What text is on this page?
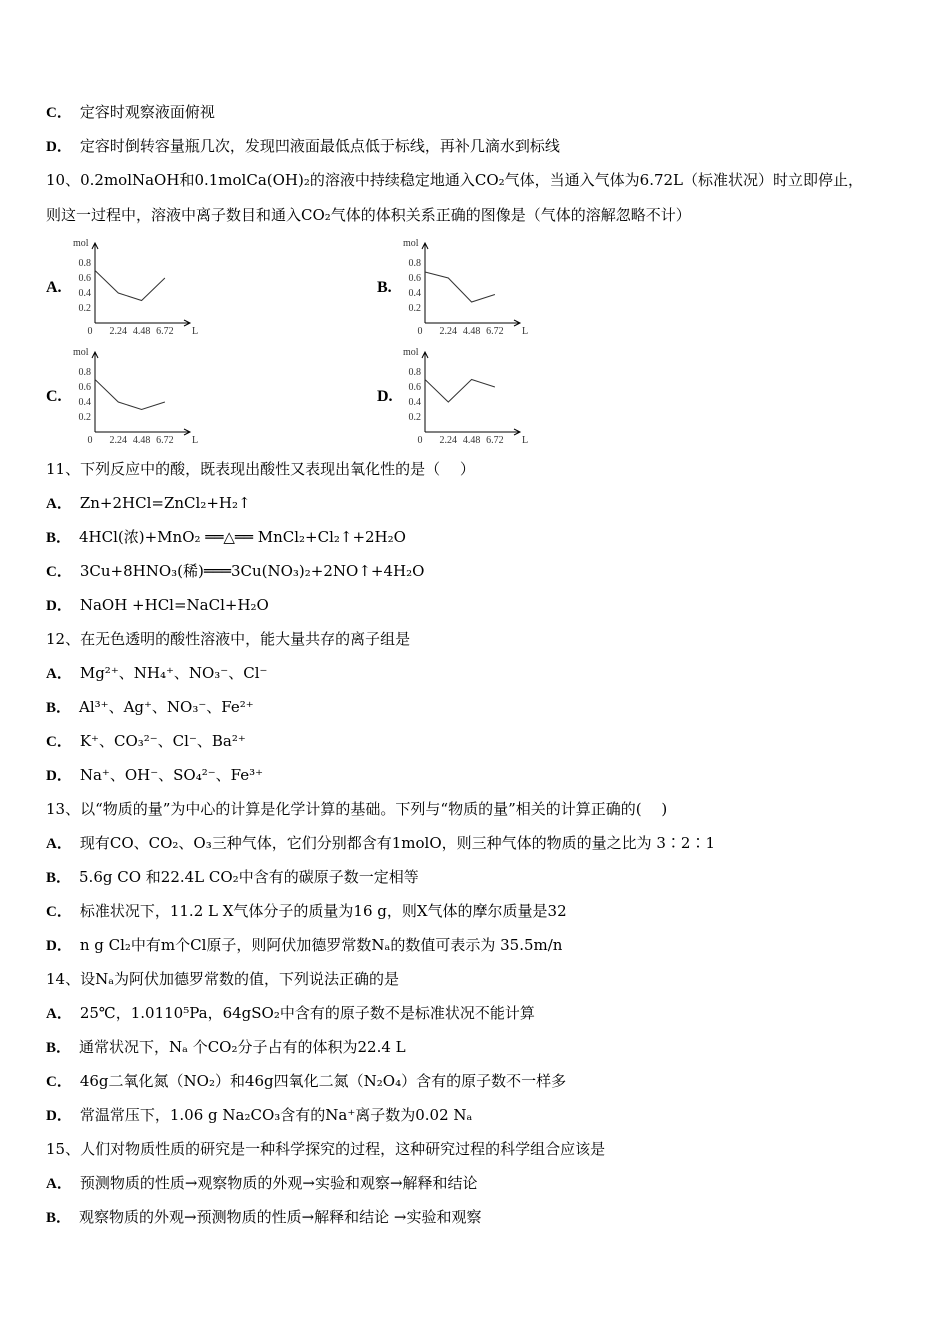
C． 定容时观察液面俯视
D． 定容时倒转容量瓶几次，发现凹液面最低点低于标线，再补几滴水到标线
10、0.2molNaOH和0.1molCa(OH)₂的溶液中持续稳定地通入CO₂气体，当通入气体为6.72L（标准状况）时立即停止，
则这一过程中，溶液中离子数目和通入CO₂气体的体积关系正确的图像是（气体的溶解忽略不计）
11、下列反应中的酸，既表现出酸性又表现出氧化性的是（　 ）
A． Zn+2HCl=ZnCl₂+H₂↑
B． 4HCl(浓)+MnO₂ ══△══ MnCl₂+Cl₂↑+2H₂O
C． 3Cu+8HNO₃(稀)═══3Cu(NO₃)₂+2NO↑+4H₂O
D． NaOH +HCl=NaCl+H₂O
12、在无色透明的酸性溶液中，能大量共存的离子组是
A． Mg²⁺、NH₄⁺、NO₃⁻、Cl⁻
B． Al³⁺、Ag⁺、NO₃⁻、Fe²⁺
C． K⁺、CO₃²⁻、Cl⁻、Ba²⁺
D． Na⁺、OH⁻、SO₄²⁻、Fe³⁺
13、以“物质的量”为中心的计算是化学计算的基础。下列与“物质的量”相关的计算正确的(　 )
A． 现有CO、CO₂、O₃三种气体，它们分别都含有1molO，则三种气体的物质的量之比为 3∶2∶1
B． 5.6g CO 和22.4L CO₂中含有的碳原子数一定相等
C． 标准状况下，11.2 L X气体分子的质量为16 g，则X气体的摩尔质量是32
D． n g Cl₂中有m个Cl原子，则阿伏加德罗常数Nₐ的数值可表示为 35.5m/n
14、设Nₐ为阿伏加德罗常数的值，下列说法正确的是
A． 25℃，1.0110⁵Pa，64gSO₂中含有的原子数不是标准状况不能计算
B． 通常状况下，Nₐ 个CO₂分子占有的体积为22.4 L
C． 46g二氧化氮（NO₂）和46g四氧化二氮（N₂O₄）含有的原子数不一样多
D． 常温常压下，1.06 g Na₂CO₃含有的Na⁺离子数为0.02 Nₐ
15、人们对物质性质的研究是一种科学探究的过程，这种研究过程的科学组合应该是
A． 预测物质的性质→观察物质的外观→实验和观察→解释和结论
B． 观察物质的外观→预测物质的性质→解释和结论 →实验和观察
A.
mol
L
0.2
0.4
0.6
0.8
0 2.24 4.48 6.72
B.
mol
L
0.2
0.4
0.6
0.8
0 2.24 4.48 6.72
C.
mol
L
0.2
0.4
0.6
0.8
0 2.24 4.48 6.72
D.
mol
L
0.2
0.4
0.6
0.8
0 2.24 4.48 6.72
